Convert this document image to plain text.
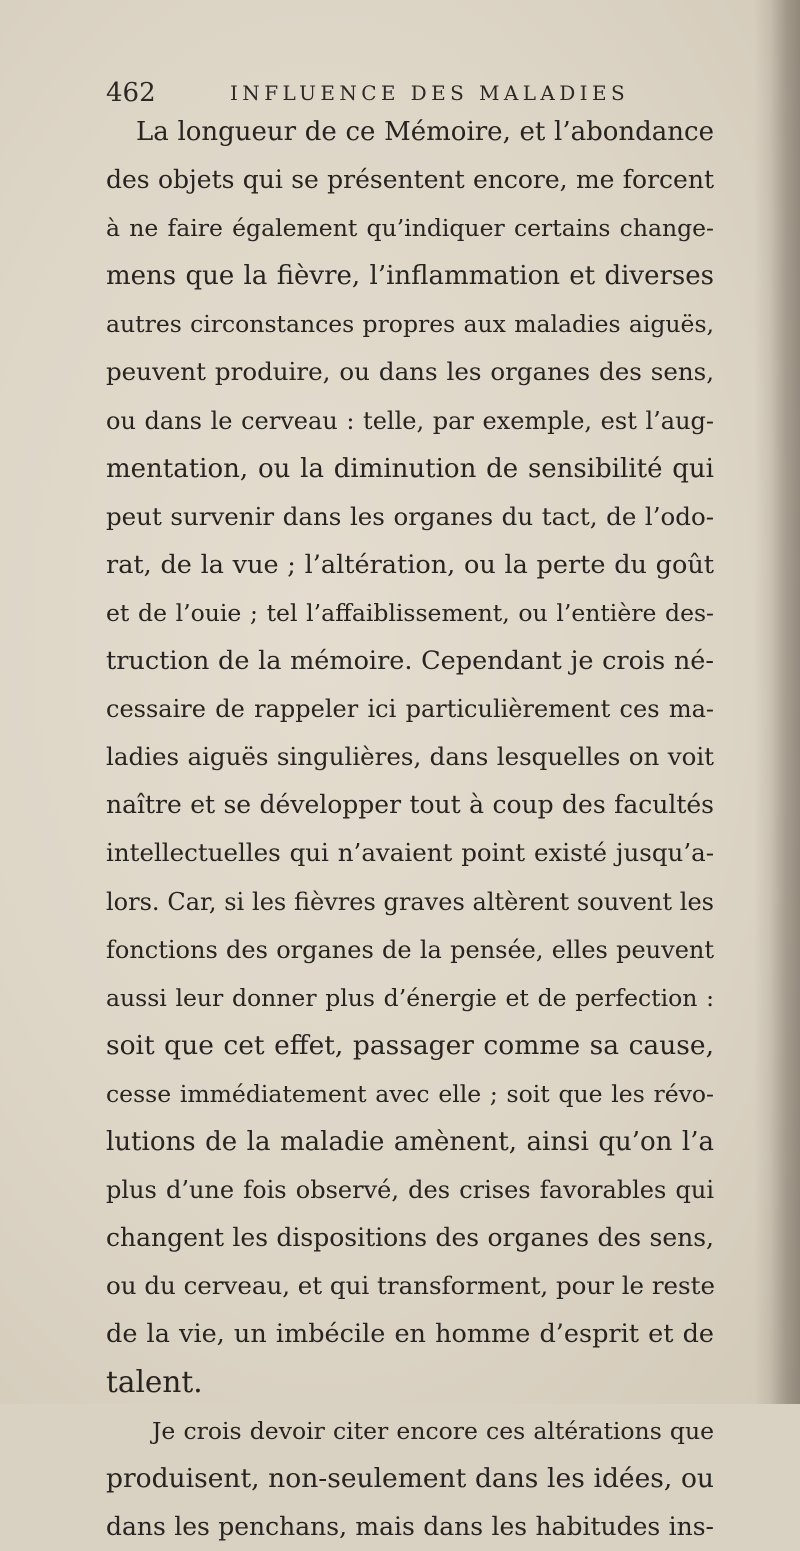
462	INFLUENCE DES MALADIES
La longueur de ce Mémoire, et l’abondance
des objets qui se présentent encore, me forcent
à ne faire également qu’indiquer certains change-
mens que la fièvre, l’inflammation et diverses
autres circonstances propres aux maladies aiguës,
peuvent produire, ou dans les organes des sens,
ou dans le cerveau : telle, par exemple, est l’aug-
mentation, ou la diminution de sensibilité qui
peut survenir dans les organes du tact, de l’odo-
rat, de la vue ; l’altération, ou la perte du goût
et de l’ouie ; tel l’affaiblissement, ou l’entière des-
truction de la mémoire. Cependant je crois né-
cessaire de rappeler ici particulièrement ces ma-
ladies aiguës singulières, dans lesquelles on voit
naître et se développer tout à coup des facultés
intellectuelles qui n’avaient point existé jusqu’a-
lors. Car, si les fièvres graves altèrent souvent les
fonctions des organes de la pensée, elles peuvent
aussi leur donner plus d’énergie et de perfection :
soit que cet effet, passager comme sa cause,
cesse immédiatement avec elle ; soit que les révo-
lutions de la maladie amènent, ainsi qu’on l’a
plus d’une fois observé, des crises favorables qui
changent les dispositions des organes des sens,
ou du cerveau, et qui transforment, pour le reste
de la vie, un imbécile en homme d’esprit et de
talent.
Je crois devoir citer encore ces altérations que
produisent, non-seulement dans les idées, ou
dans les penchans, mais dans les habitudes ins-
